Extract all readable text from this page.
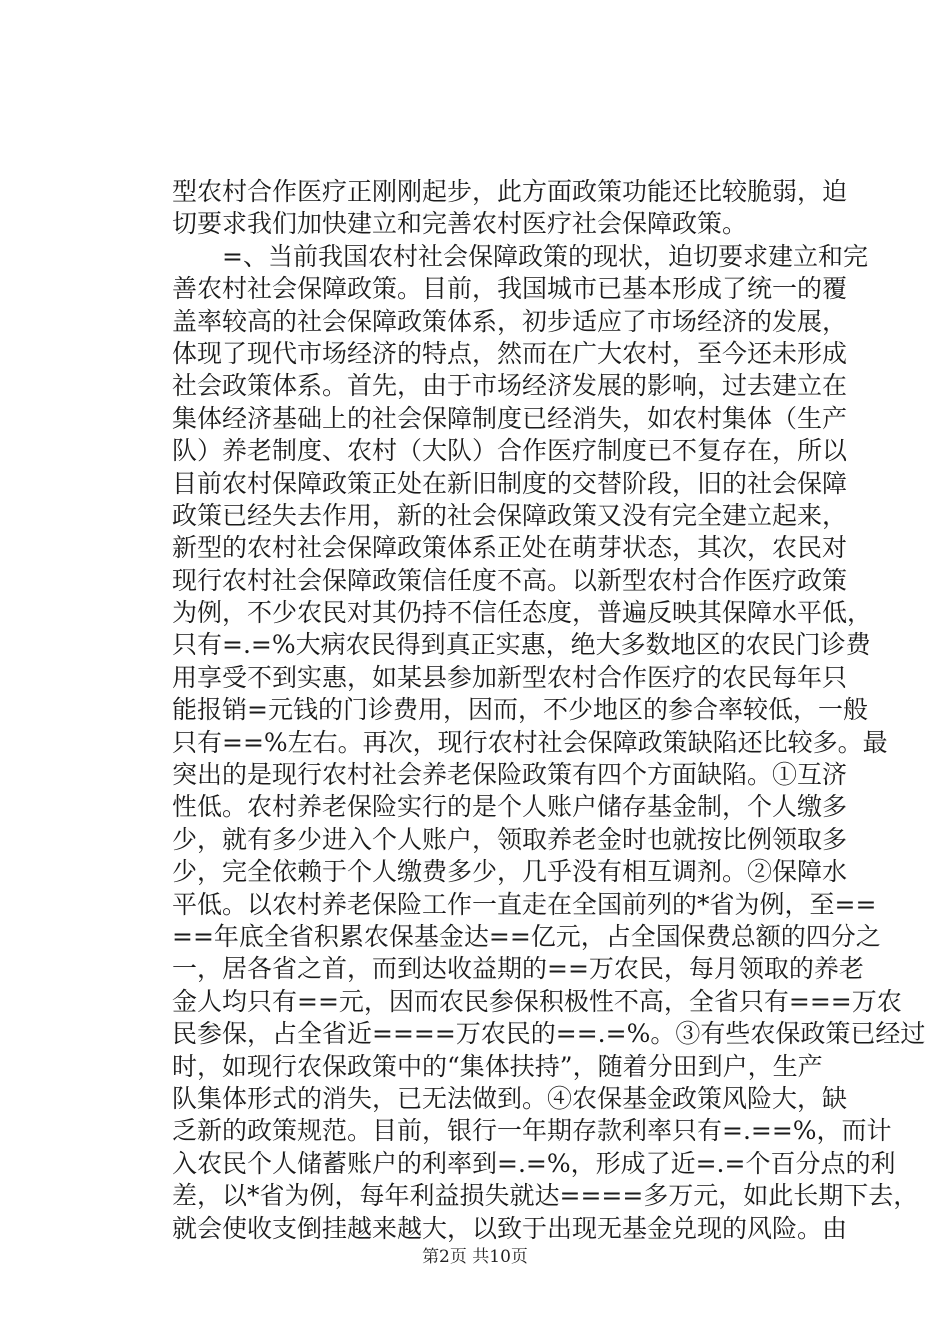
型农村合作医疗正刚刚起步，此方面政策功能还比较脆弱，迫
切要求我们加快建立和完善农村医疗社会保障政策。
　　=、当前我国农村社会保障政策的现状，迫切要求建立和完
善农村社会保障政策。目前，我国城市已基本形成了统一的覆
盖率较高的社会保障政策体系，初步适应了市场经济的发展，
体现了现代市场经济的特点，然而在广大农村，至今还未形成
社会政策体系。首先，由于市场经济发展的影响，过去建立在
集体经济基础上的社会保障制度已经消失，如农村集体（生产
队）养老制度、农村（大队）合作医疗制度已不复存在，所以
目前农村保障政策正处在新旧制度的交替阶段，旧的社会保障
政策已经失去作用，新的社会保障政策又没有完全建立起来，
新型的农村社会保障政策体系正处在萌芽状态，其次，农民对
现行农村社会保障政策信任度不高。以新型农村合作医疗政策
为例，不少农民对其仍持不信任态度，普遍反映其保障水平低，
只有=.=%大病农民得到真正实惠，绝大多数地区的农民门诊费
用享受不到实惠，如某县参加新型农村合作医疗的农民每年只
能报销=元钱的门诊费用，因而，不少地区的参合率较低，一般
只有==%左右。再次，现行农村社会保障政策缺陷还比较多。最
突出的是现行农村社会养老保险政策有四个方面缺陷。①互济
性低。农村养老保险实行的是个人账户储存基金制，个人缴多
少，就有多少进入个人账户，领取养老金时也就按比例领取多
少，完全依赖于个人缴费多少，几乎没有相互调剂。②保障水
平低。以农村养老保险工作一直走在全国前列的*省为例，至==
==年底全省积累农保基金达==亿元，占全国保费总额的四分之
一，居各省之首，而到达收益期的==万农民，每月领取的养老
金人均只有==元，因而农民参保积极性不高，全省只有===万农
民参保，占全省近====万农民的==.=%。③有些农保政策已经过
时，如现行农保政策中的“集体扶持”，随着分田到户，生产
队集体形式的消失，已无法做到。④农保基金政策风险大，缺
乏新的政策规范。目前，银行一年期存款利率只有=.==%，而计
入农民个人储蓄账户的利率到=.=%，形成了近=.=个百分点的利
差，以*省为例，每年利益损失就达====多万元，如此长期下去，
就会使收支倒挂越来越大，以致于出现无基金兑现的风险。由
第2页 共10页
